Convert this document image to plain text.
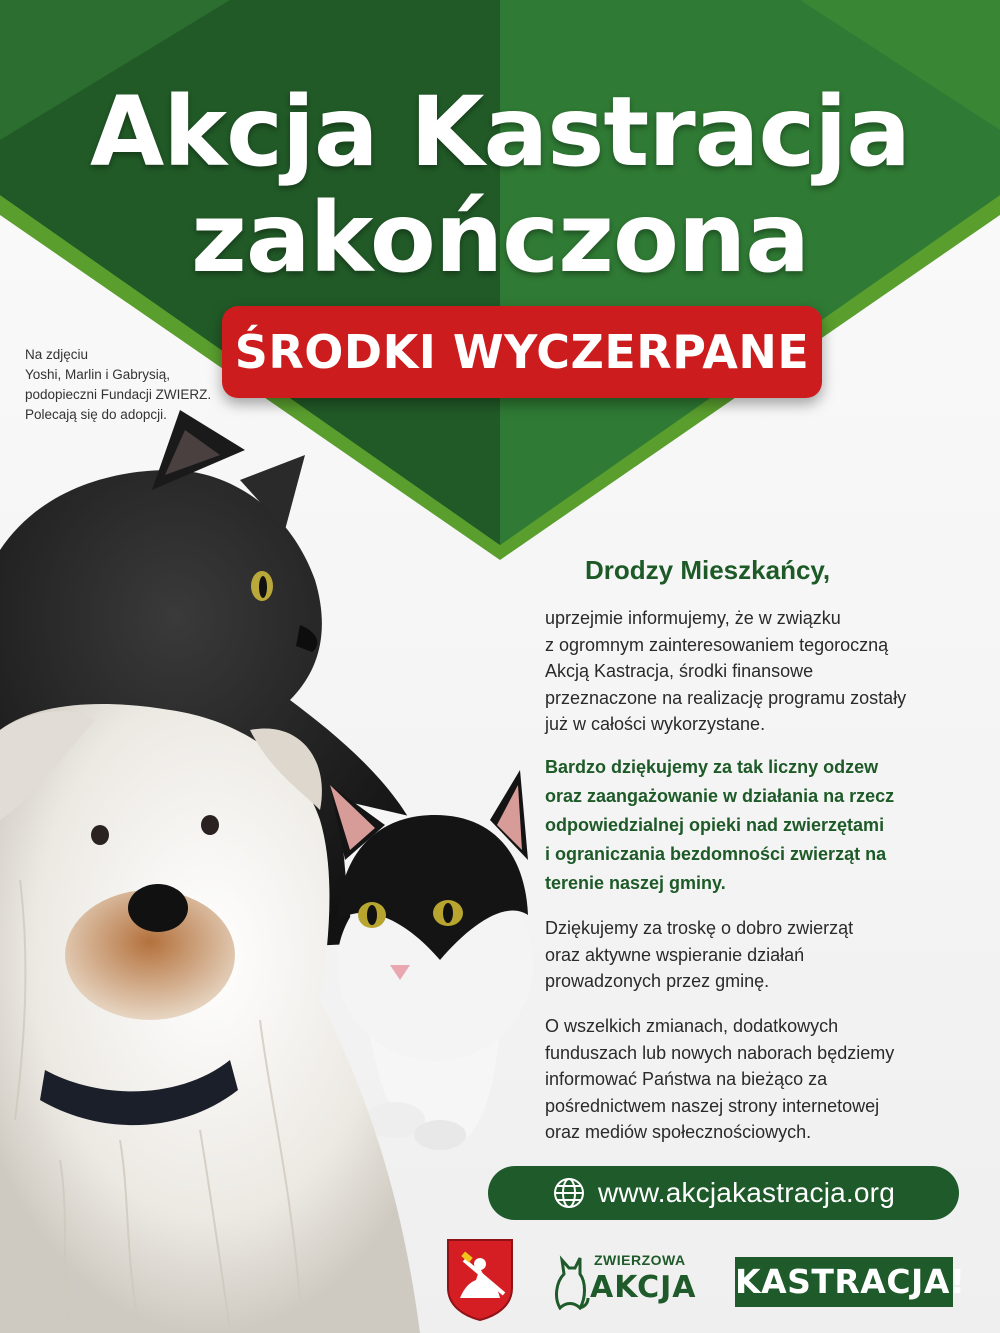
Akcja Kastracja
zakończona
ŚRODKI WYCZERPANE
Na zdjęciu
Yoshi, Marlin i Gabrysią,
podopieczni Fundacji ZWIERZ.
Polecają się do adopcji.
Drodzy Mieszkańcy,
uprzejmie informujemy, że w związku
z ogromnym zainteresowaniem tegoroczną
Akcją Kastracja, środki finansowe
przeznaczone na realizację programu zostały
już w całości wykorzystane.
Bardzo dziękujemy za tak liczny odzew
oraz zaangażowanie w działania na rzecz
odpowiedzialnej opieki nad zwierzętami
i ograniczania bezdomności zwierząt na
terenie naszej gminy.
Dziękujemy za troskę o dobro zwierząt
oraz aktywne wspieranie działań
prowadzonych przez gminę.
O wszelkich zmianach, dodatkowych
funduszach lub nowych naborach będziemy
informować Państwa na bieżąco za
pośrednictwem naszej strony internetowej
oraz mediów społecznościowych.
www.akcjakastracja.org
ZWIERZOWA
AKCJA KASTRACJA!
